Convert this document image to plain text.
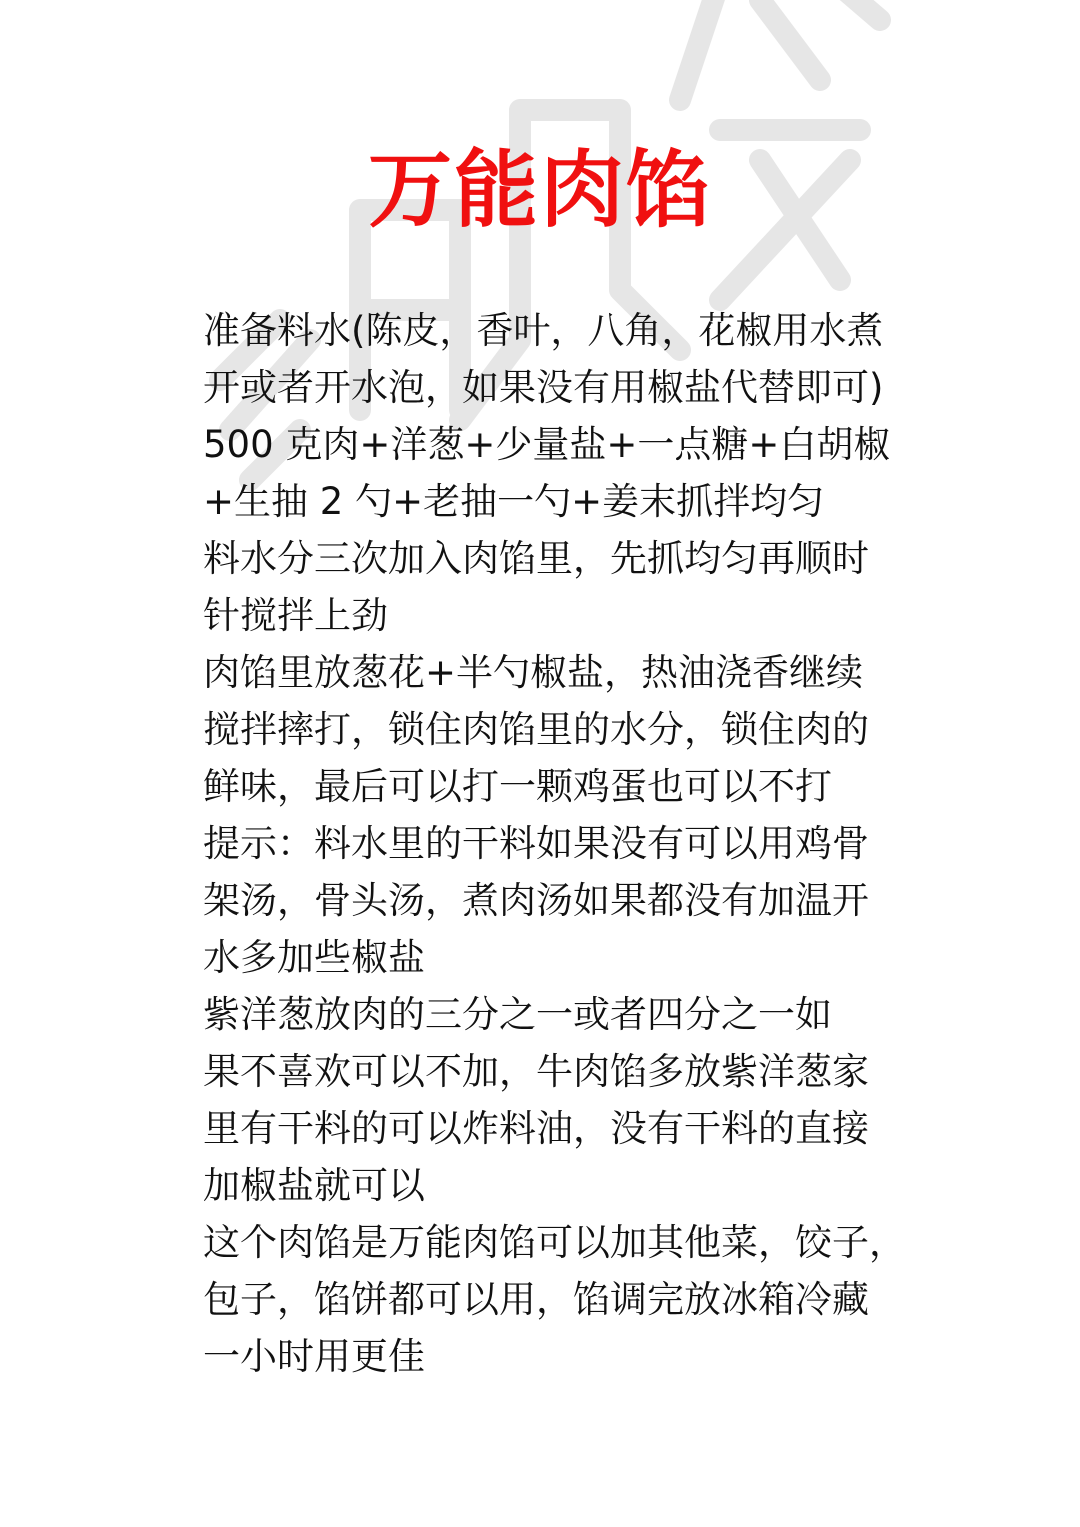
万能肉馅
准备料水(陈皮，香叶，八角，花椒用水煮
开或者开水泡，如果没有用椒盐代替即可)
500 克肉+洋葱+少量盐+一点糖+白胡椒
+生抽 2 勺+老抽一勺+姜末抓拌均匀
料水分三次加入肉馅里，先抓均匀再顺时
针搅拌上劲
肉馅里放葱花+半勺椒盐，热油浇香继续
搅拌摔打，锁住肉馅里的水分，锁住肉的
鲜味，最后可以打一颗鸡蛋也可以不打
提示：料水里的干料如果没有可以用鸡骨
架汤，骨头汤，煮肉汤如果都没有加温开
水多加些椒盐
紫洋葱放肉的三分之一或者四分之一如
果不喜欢可以不加，牛肉馅多放紫洋葱家
里有干料的可以炸料油，没有干料的直接
加椒盐就可以
这个肉馅是万能肉馅可以加其他菜，饺子，
包子，馅饼都可以用，馅调完放冰箱冷藏
一小时用更佳
